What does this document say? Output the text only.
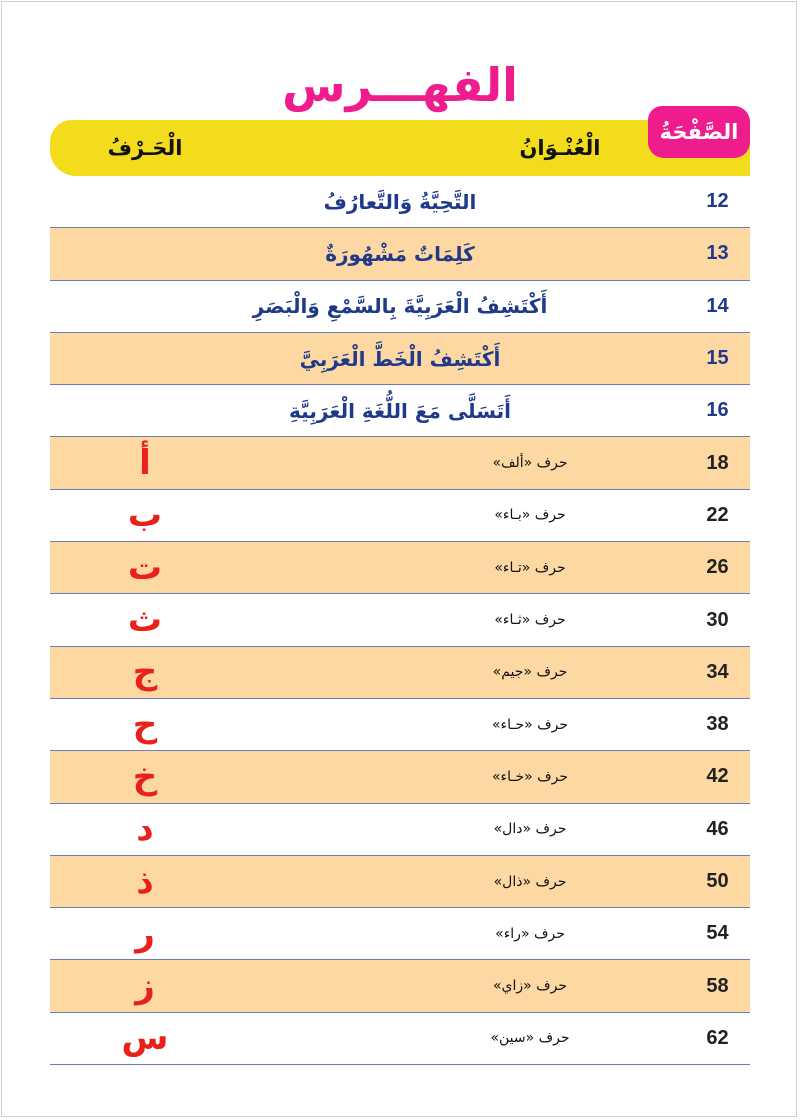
الفهـــرس
الْعُنْـوَانُ
الْحَـرْفُ
الصَّفْحَةُ
12
التَّحِيَّةُ وَالتَّعارُفُ
13
كَلِمَاتٌ مَشْهُورَةٌ
14
أَكْتَشِفُ الْعَرَبِيَّةَ بِالسَّمْعِ وَالْبَصَرِ
15
أَكْتَشِفُ الْخَطَّ الْعَرَبِيَّ
16
أَتَسَلَّى مَعَ اللُّغَةِ الْعَرَبِيَّةِ
18
حرف «ألف»
أ
22
حرف «بـاء»
ب
26
حرف «تـاء»
ت
30
حرف «ثـاء»
ث
34
حرف «جيم»
ج
38
حرف «حـاء»
ح
42
حرف «خـاء»
خ
46
حرف «دال»
د
50
حرف «ذال»
ذ
54
حرف «راء»
ر
58
حرف «زاي»
ز
62
حرف «سين»
س
